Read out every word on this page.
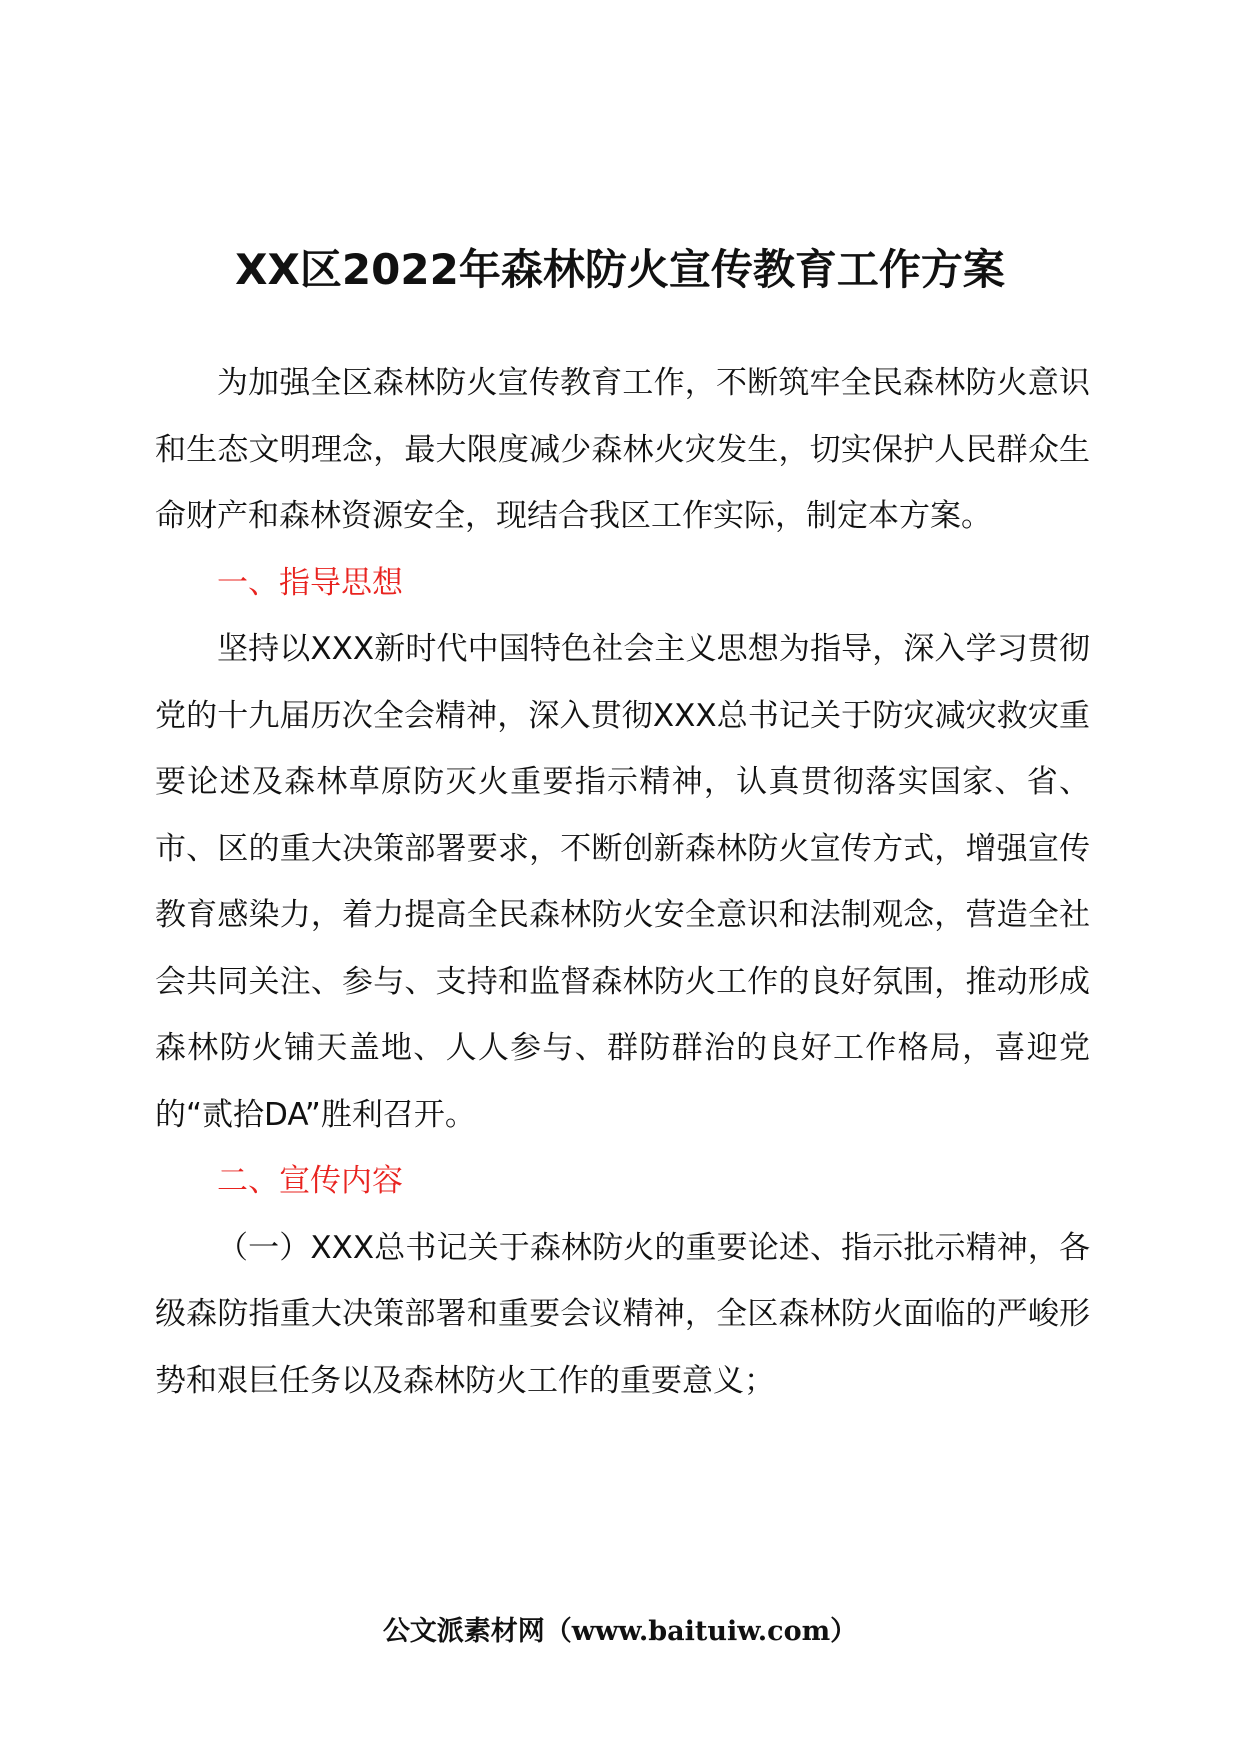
XX区2022年森林防火宣传教育工作方案

为加强全区森林防火宣传教育工作，不断筑牢全民森林防火意识和生态文明理念，最大限度减少森林火灾发生，切实保护人民群众生命财产和森林资源安全，现结合我区工作实际，制定本方案。

一、指导思想

坚持以XXX新时代中国特色社会主义思想为指导，深入学习贯彻党的十九届历次全会精神，深入贯彻XXX总书记关于防灾减灾救灾重要论述及森林草原防灭火重要指示精神，认真贯彻落实国家、省、市、区的重大决策部署要求，不断创新森林防火宣传方式，增强宣传教育感染力，着力提高全民森林防火安全意识和法制观念，营造全社会共同关注、参与、支持和监督森林防火工作的良好氛围，推动形成森林防火铺天盖地、人人参与、群防群治的良好工作格局，喜迎党的“贰拾DA”胜利召开。

二、宣传内容

（一）XXX总书记关于森林防火的重要论述、指示批示精神，各级森防指重大决策部署和重要会议精神，全区森林防火面临的严峻形势和艰巨任务以及森林防火工作的重要意义；

公文派素材网（www.baituiw.com）
